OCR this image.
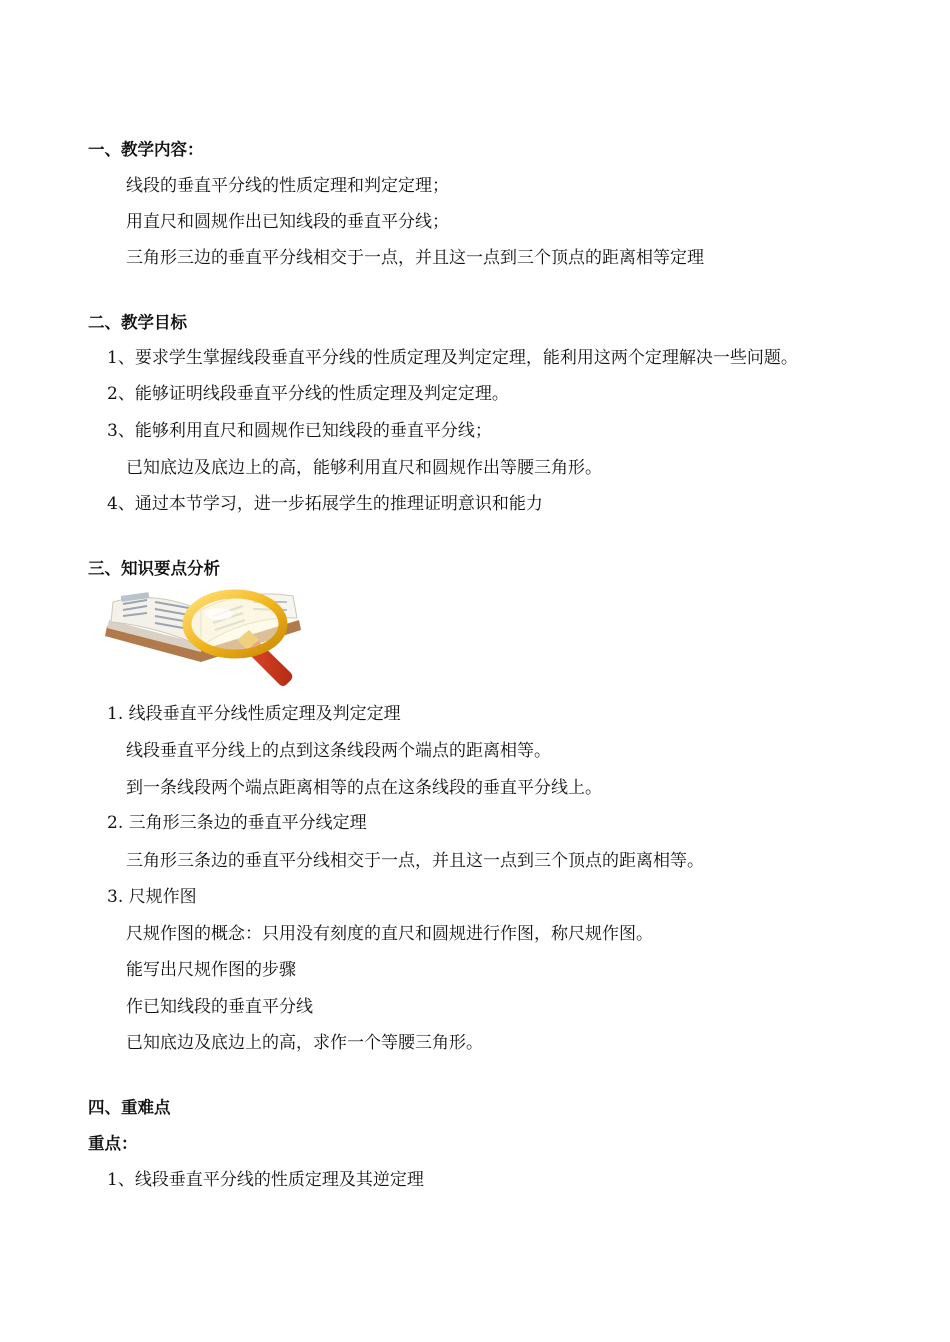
一、教学内容：
线段的垂直平分线的性质定理和判定定理；
用直尺和圆规作出已知线段的垂直平分线；
三角形三边的垂直平分线相交于一点，并且这一点到三个顶点的距离相等定理
二、教学目标
1、要求学生掌握线段垂直平分线的性质定理及判定定理，能利用这两个定理解决一些问题。
2、能够证明线段垂直平分线的性质定理及判定定理。
3、能够利用直尺和圆规作已知线段的垂直平分线；
已知底边及底边上的高，能够利用直尺和圆规作出等腰三角形。
4、通过本节学习，进一步拓展学生的推理证明意识和能力
三、知识要点分析
1. 线段垂直平分线性质定理及判定定理
线段垂直平分线上的点到这条线段两个端点的距离相等。
到一条线段两个端点距离相等的点在这条线段的垂直平分线上。
2. 三角形三条边的垂直平分线定理
三角形三条边的垂直平分线相交于一点，并且这一点到三个顶点的距离相等。
3. 尺规作图
尺规作图的概念：只用没有刻度的直尺和圆规进行作图，称尺规作图。
能写出尺规作图的步骤
作已知线段的垂直平分线
已知底边及底边上的高，求作一个等腰三角形。
四、重难点
重点：
1、线段垂直平分线的性质定理及其逆定理
